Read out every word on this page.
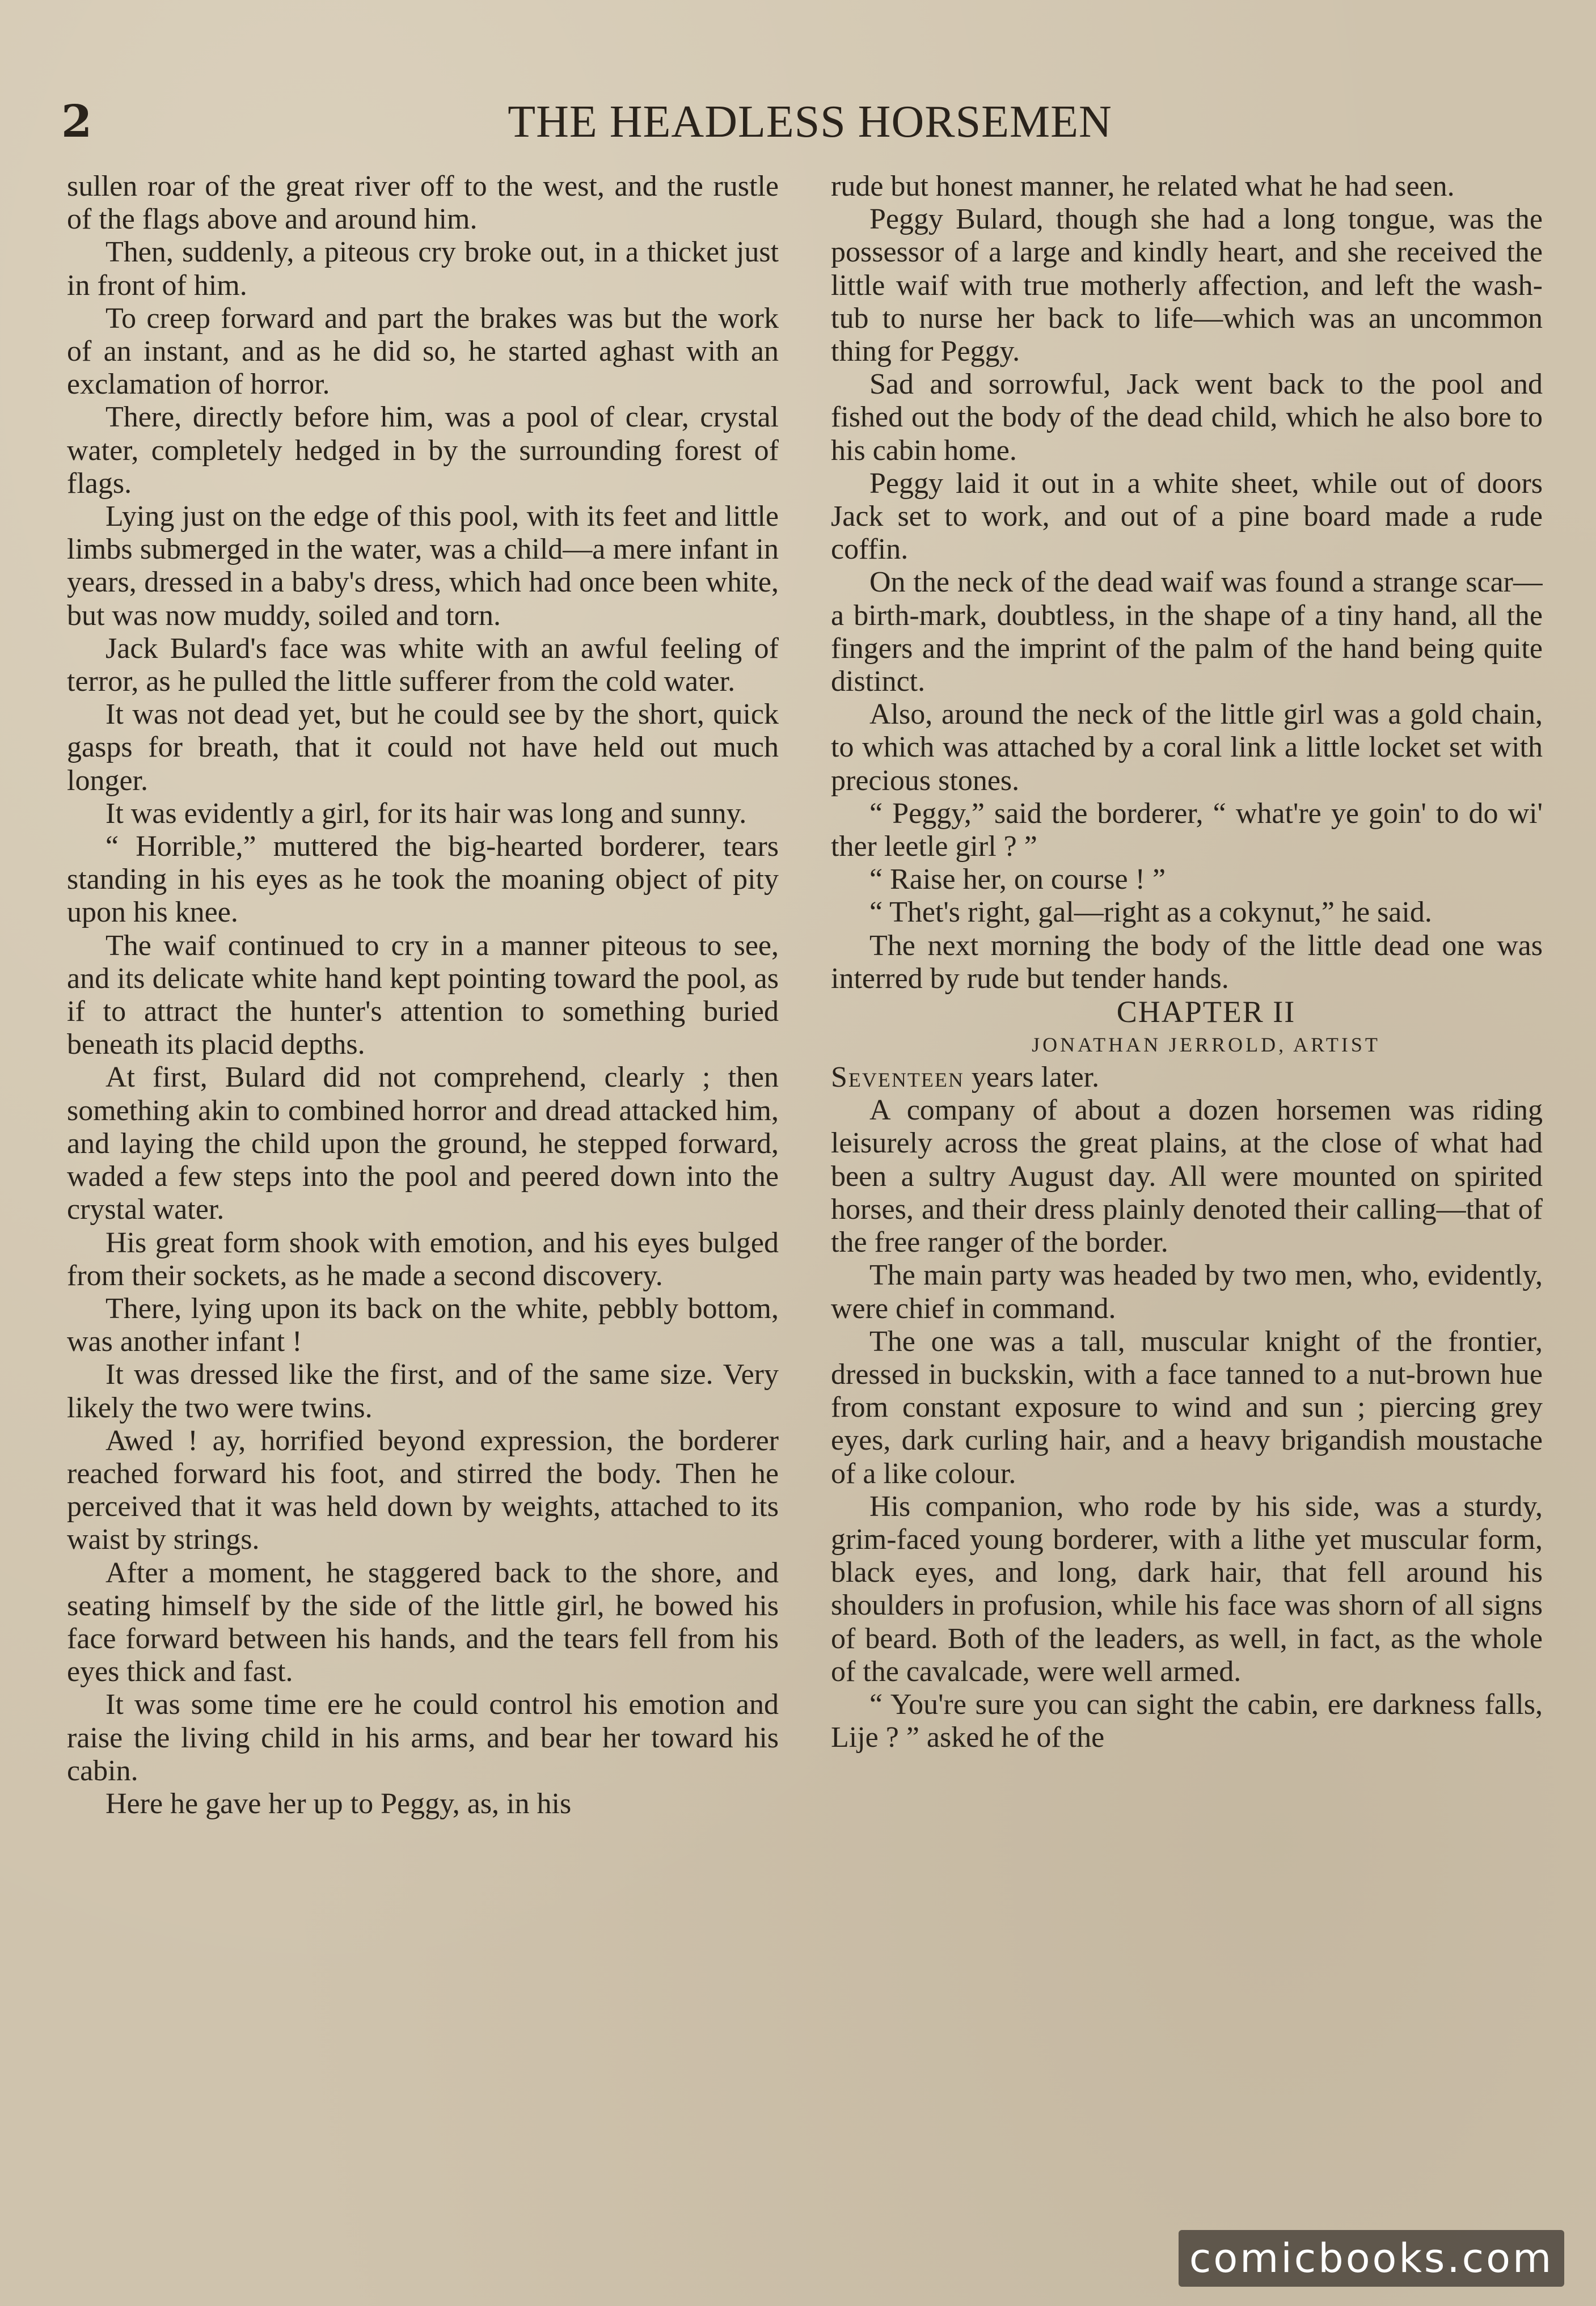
2	THE HEADLESS HORSEMEN

sullen roar of the great river off to the west, and the rustle of the flags above and around him.

Then, suddenly, a piteous cry broke out, in a thicket just in front of him.

To creep forward and part the brakes was but the work of an instant, and as he did so, he started aghast with an exclamation of horror.

There, directly before him, was a pool of clear, crystal water, completely hedged in by the surrounding forest of flags.

Lying just on the edge of this pool, with its feet and little limbs submerged in the water, was a child—a mere infant in years, dressed in a baby's dress, which had once been white, but was now muddy, soiled and torn.

Jack Bulard's face was white with an awful feeling of terror, as he pulled the little sufferer from the cold water.

It was not dead yet, but he could see by the short, quick gasps for breath, that it could not have held out much longer.

It was evidently a girl, for its hair was long and sunny.

“ Horrible,” muttered the big-hearted borderer, tears standing in his eyes as he took the moaning object of pity upon his knee.

The waif continued to cry in a manner piteous to see, and its delicate white hand kept pointing toward the pool, as if to attract the hunter's attention to something buried beneath its placid depths.

At first, Bulard did not comprehend, clearly ; then something akin to combined horror and dread attacked him, and laying the child upon the ground, he stepped forward, waded a few steps into the pool and peered down into the crystal water.

His great form shook with emotion, and his eyes bulged from their sockets, as he made a second discovery.

There, lying upon its back on the white, pebbly bottom, was another infant !

It was dressed like the first, and of the same size. Very likely the two were twins.

Awed ! ay, horrified beyond expression, the borderer reached forward his foot, and stirred the body. Then he perceived that it was held down by weights, attached to its waist by strings.

After a moment, he staggered back to the shore, and seating himself by the side of the little girl, he bowed his face forward between his hands, and the tears fell from his eyes thick and fast.

It was some time ere he could control his emotion and raise the living child in his arms, and bear her toward his cabin.

Here he gave her up to Peggy, as, in his

rude but honest manner, he related what he had seen.

Peggy Bulard, though she had a long tongue, was the possessor of a large and kindly heart, and she received the little waif with true motherly affection, and left the wash-tub to nurse her back to life—which was an uncommon thing for Peggy.

Sad and sorrowful, Jack went back to the pool and fished out the body of the dead child, which he also bore to his cabin home.

Peggy laid it out in a white sheet, while out of doors Jack set to work, and out of a pine board made a rude coffin.

On the neck of the dead waif was found a strange scar—a birth-mark, doubtless, in the shape of a tiny hand, all the fingers and the imprint of the palm of the hand being quite distinct.

Also, around the neck of the little girl was a gold chain, to which was attached by a coral link a little locket set with precious stones.

“ Peggy,” said the borderer, “ what're ye goin' to do wi' ther leetle girl ? ”

“ Raise her, on course ! ”

“ Thet's right, gal—right as a cokynut,” he said.

The next morning the body of the little dead one was interred by rude but tender hands.

CHAPTER II

JONATHAN JERROLD, ARTIST

Seventeen years later.

A company of about a dozen horsemen was riding leisurely across the great plains, at the close of what had been a sultry August day. All were mounted on spirited horses, and their dress plainly denoted their calling—that of the free ranger of the border.

The main party was headed by two men, who, evidently, were chief in command.

The one was a tall, muscular knight of the frontier, dressed in buckskin, with a face tanned to a nut-brown hue from constant exposure to wind and sun ; piercing grey eyes, dark curling hair, and a heavy brigandish moustache of a like colour.

His companion, who rode by his side, was a sturdy, grim-faced young borderer, with a lithe yet muscular form, black eyes, and long, dark hair, that fell around his shoulders in profusion, while his face was shorn of all signs of beard. Both of the leaders, as well, in fact, as the whole of the cavalcade, were well armed.

“ You're sure you can sight the cabin, ere darkness falls, Lije ? ” asked he of the

comicbooks.com
